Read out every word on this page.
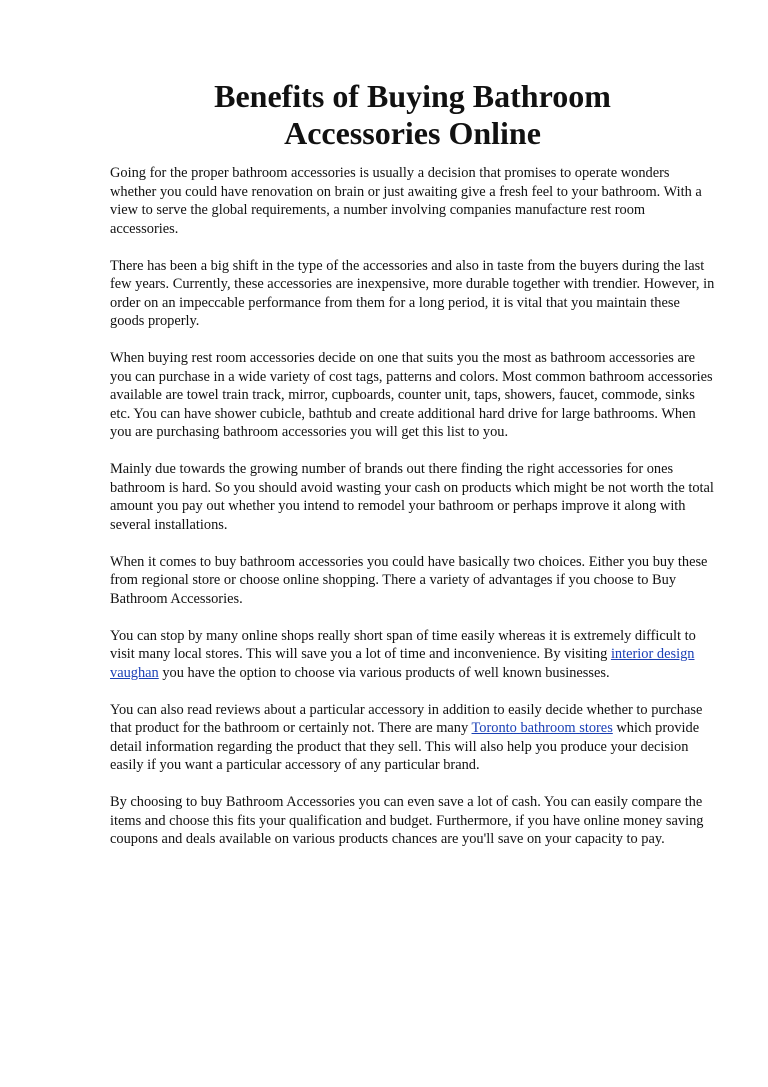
Benefits of Buying Bathroom
Accessories Online

Going for the proper bathroom accessories is usually a decision that promises to operate wonders whether you could have renovation on brain or just awaiting give a fresh feel to your bathroom. With a view to serve the global requirements, a number involving companies manufacture rest room accessories.

There has been a big shift in the type of the accessories and also in taste from the buyers during the last few years. Currently, these accessories are inexpensive, more durable together with trendier. However, in order on an impeccable performance from them for a long period, it is vital that you maintain these goods properly.

When buying rest room accessories decide on one that suits you the most as bathroom accessories are you can purchase in a wide variety of cost tags, patterns and colors. Most common bathroom accessories available are towel train track, mirror, cupboards, counter unit, taps, showers, faucet, commode, sinks etc. You can have shower cubicle, bathtub and create additional hard drive for large bathrooms. When you are purchasing bathroom accessories you will get this list to you.

Mainly due towards the growing number of brands out there finding the right accessories for ones bathroom is hard. So you should avoid wasting your cash on products which might be not worth the total amount you pay out whether you intend to remodel your bathroom or perhaps improve it along with several installations.

When it comes to buy bathroom accessories you could have basically two choices. Either you buy these from regional store or choose online shopping. There a variety of advantages if you choose to Buy Bathroom Accessories.

You can stop by many online shops really short span of time easily whereas it is extremely difficult to visit many local stores. This will save you a lot of time and inconvenience. By visiting interior design vaughan you have the option to choose via various products of well known businesses.

You can also read reviews about a particular accessory in addition to easily decide whether to purchase that product for the bathroom or certainly not. There are many Toronto bathroom stores which provide detail information regarding the product that they sell. This will also help you produce your decision easily if you want a particular accessory of any particular brand.

By choosing to buy Bathroom Accessories you can even save a lot of cash. You can easily compare the items and choose this fits your qualification and budget. Furthermore, if you have online money saving coupons and deals available on various products chances are you'll save on your capacity to pay.
